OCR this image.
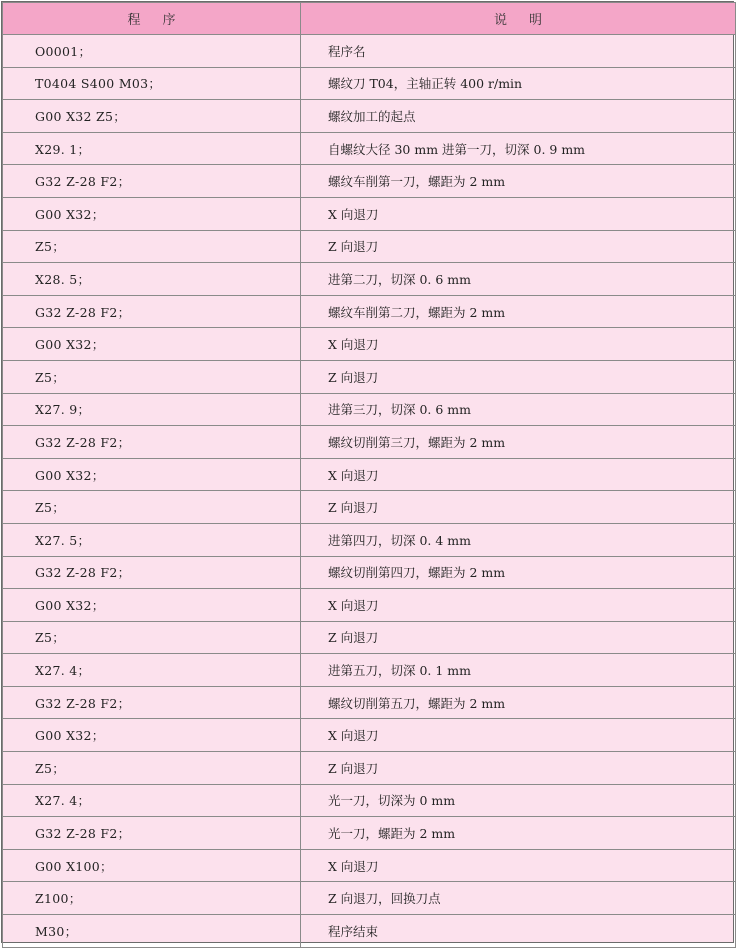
程序	说明
O0001；	程序名
T0404 S400 M03；	螺纹刀 T04，主轴正转 400 r/min
G00 X32 Z5；	螺纹加工的起点
X29. 1；	自螺纹大径 30 mm 进第一刀，切深 0. 9 mm
G32 Z-28 F2；	螺纹车削第一刀，螺距为 2 mm
G00 X32；	X 向退刀
Z5；	Z 向退刀
X28. 5；	进第二刀，切深 0. 6 mm
G32 Z-28 F2；	螺纹车削第二刀，螺距为 2 mm
G00 X32；	X 向退刀
Z5；	Z 向退刀
X27. 9；	进第三刀，切深 0. 6 mm
G32 Z-28 F2；	螺纹切削第三刀，螺距为 2 mm
G00 X32；	X 向退刀
Z5；	Z 向退刀
X27. 5；	进第四刀，切深 0. 4 mm
G32 Z-28 F2；	螺纹切削第四刀，螺距为 2 mm
G00 X32；	X 向退刀
Z5；	Z 向退刀
X27. 4；	进第五刀，切深 0. 1 mm
G32 Z-28 F2；	螺纹切削第五刀，螺距为 2 mm
G00 X32；	X 向退刀
Z5；	Z 向退刀
X27. 4；	光一刀，切深为 0 mm
G32 Z-28 F2；	光一刀，螺距为 2 mm
G00 X100；	X 向退刀
Z100；	Z 向退刀，回换刀点
M30；	程序结束
